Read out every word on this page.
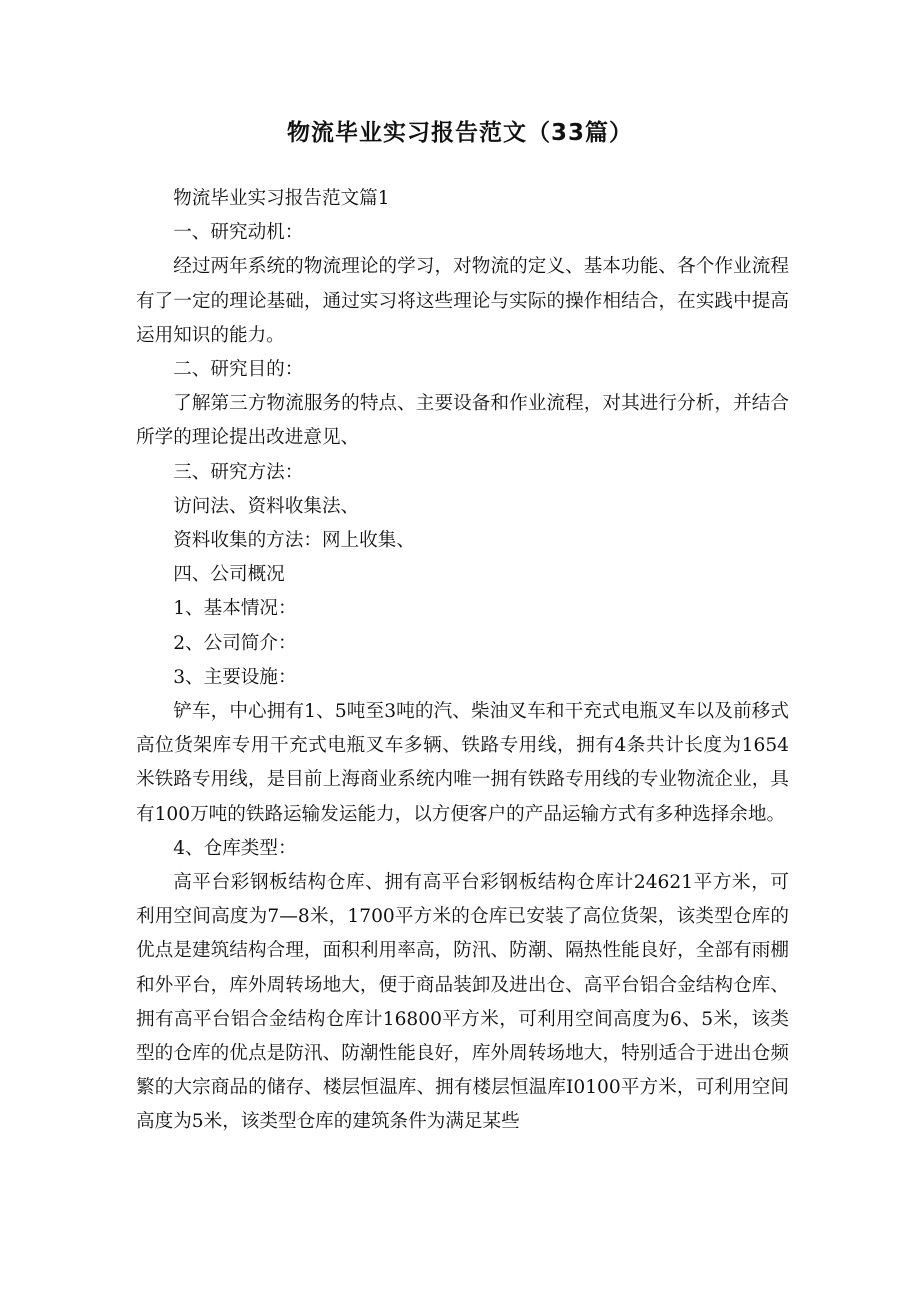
物流毕业实习报告范文（33篇）

物流毕业实习报告范文篇1

一、研究动机：

经过两年系统的物流理论的学习，对物流的定义、基本功能、各个作业流程有了一定的理论基础，通过实习将这些理论与实际的操作相结合，在实践中提高运用知识的能力。

二、研究目的：

了解第三方物流服务的特点、主要设备和作业流程，对其进行分析，并结合所学的理论提出改进意见、

三、研究方法：

访问法、资料收集法、

资料收集的方法：网上收集、

四、公司概况

1、基本情况：

2、公司简介：

3、主要设施：

铲车，中心拥有1、5吨至3吨的汽、柴油叉车和干充式电瓶叉车以及前移式高位货架库专用干充式电瓶叉车多辆、铁路专用线，拥有4条共计长度为1654米铁路专用线，是目前上海商业系统内唯一拥有铁路专用线的专业物流企业，具有100万吨的铁路运输发运能力，以方便客户的产品运输方式有多种选择余地。

4、仓库类型：

高平台彩钢板结构仓库、拥有高平台彩钢板结构仓库计24621平方米，可利用空间高度为7—8米，1700平方米的仓库已安装了高位货架，该类型仓库的优点是建筑结构合理，面积利用率高，防汛、防潮、隔热性能良好，全部有雨棚和外平台，库外周转场地大，便于商品装卸及进出仓、高平台铝合金结构仓库、拥有高平台铝合金结构仓库计16800平方米，可利用空间高度为6、5米，该类型的仓库的优点是防汛、防潮性能良好，库外周转场地大，特别适合于进出仓频繁的大宗商品的储存、楼层恒温库、拥有楼层恒温库I0100平方米，可利用空间高度为5米，该类型仓库的建筑条件为满足某些
